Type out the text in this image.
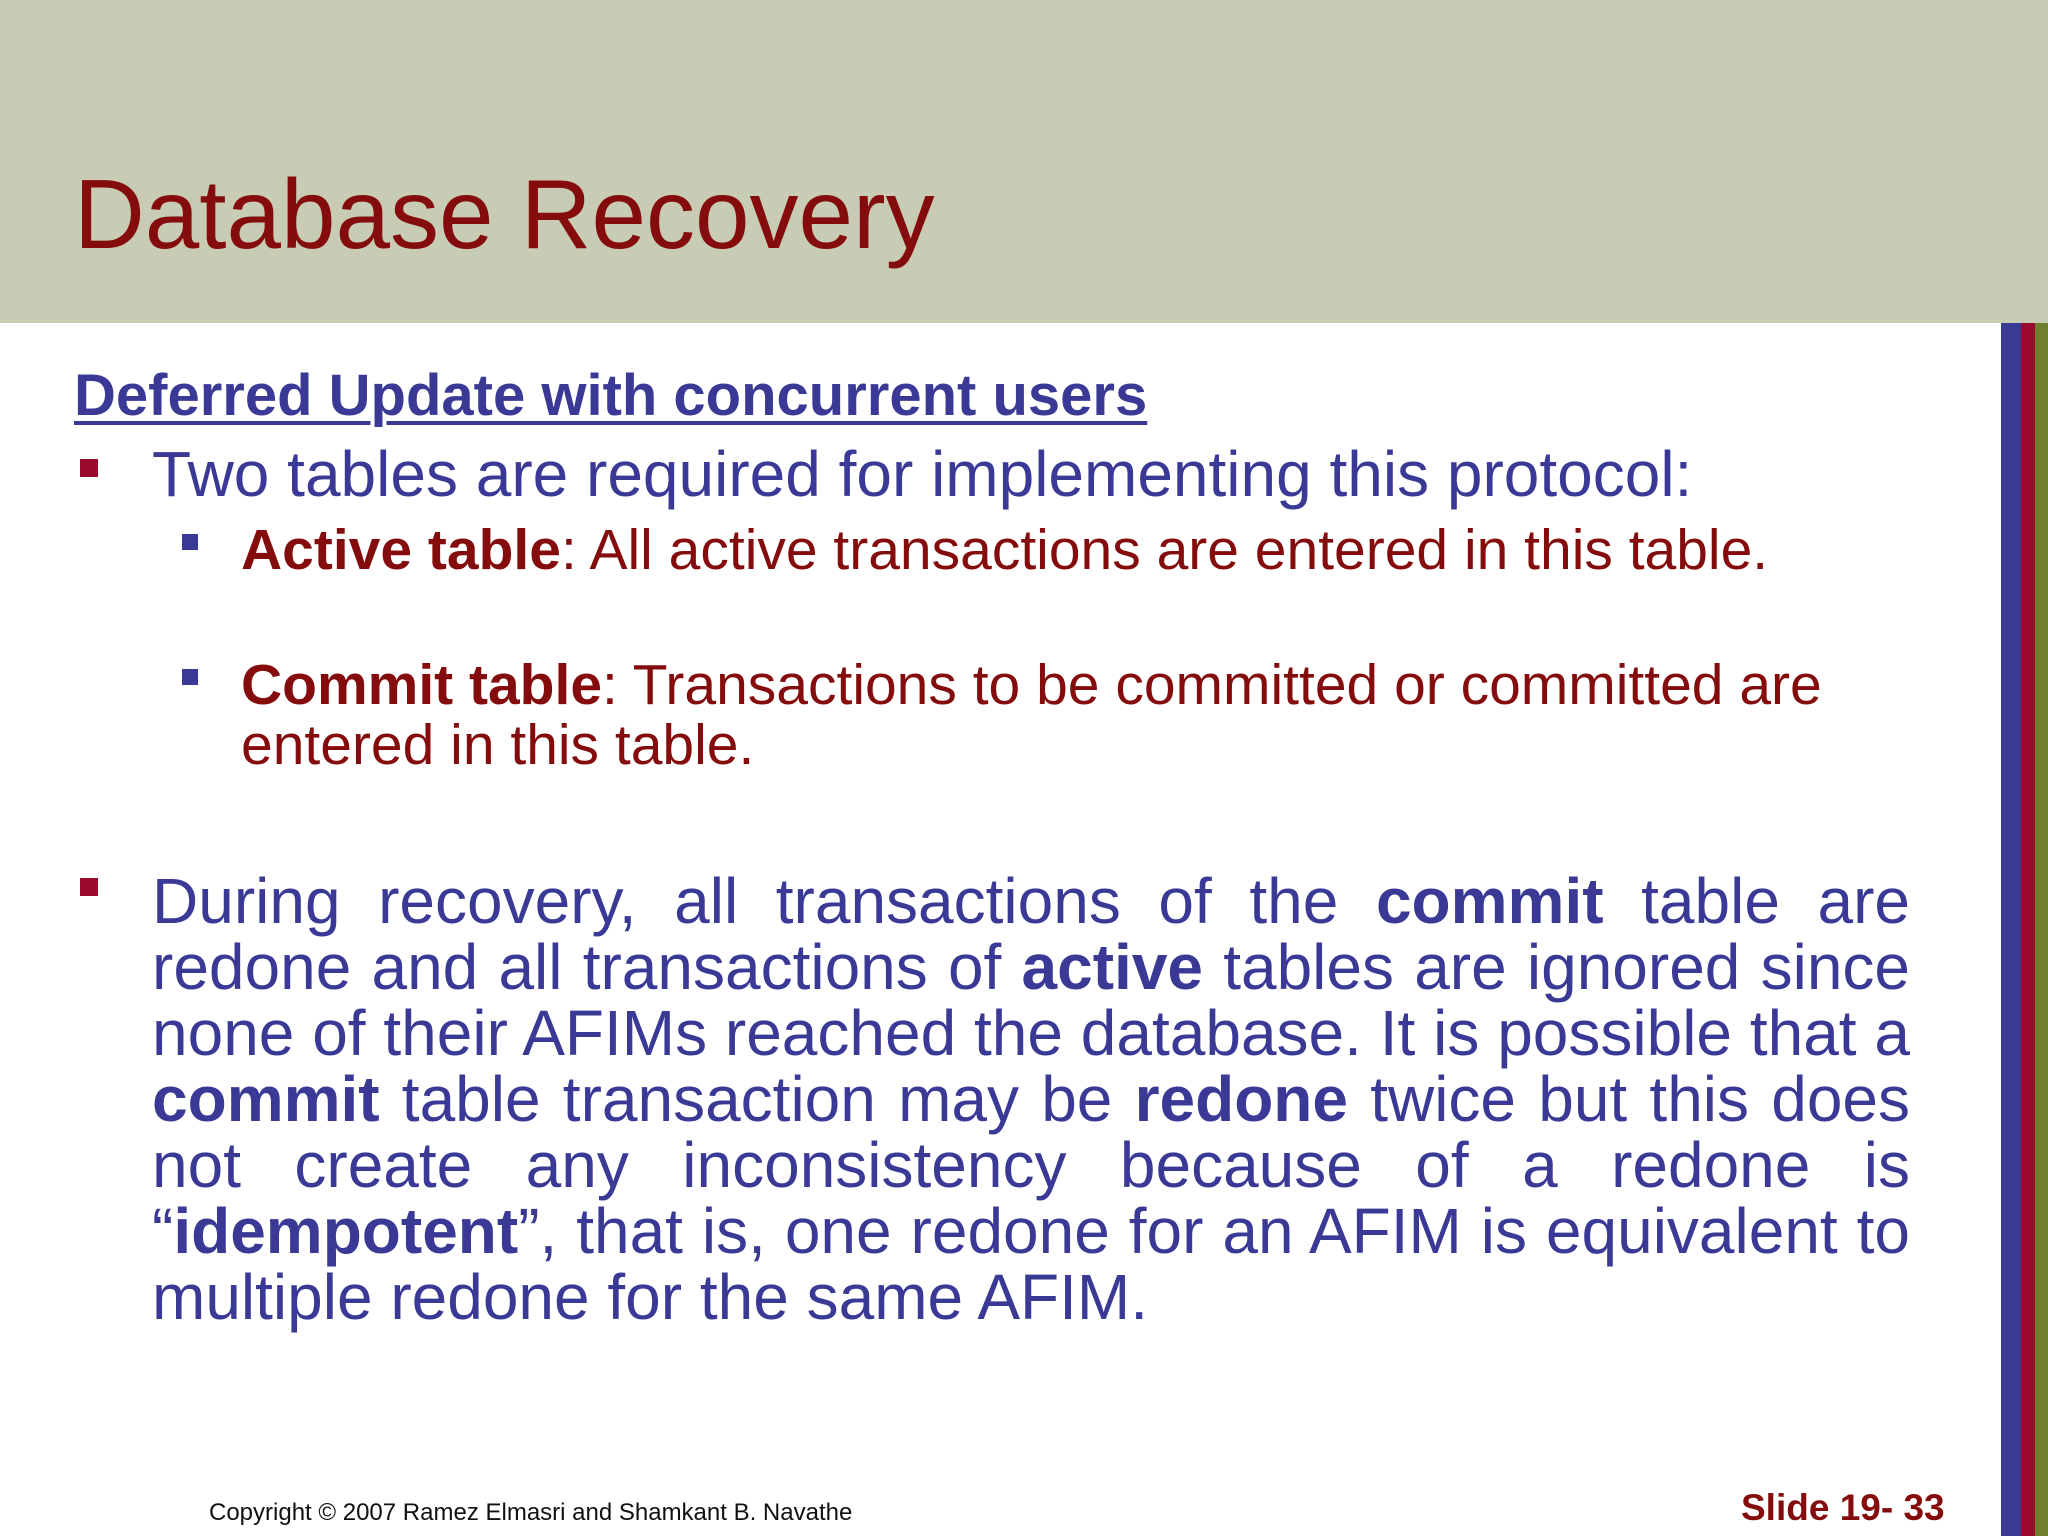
Database Recovery
Deferred Update with concurrent users
Two tables are required for implementing this protocol:
Active table: All active transactions are entered in this table.
Commit table: Transactions to be committed or committed are entered in this table.
During recovery, all transactions of the commit table are redone and all transactions of active tables are ignored since none of their AFIMs reached the database. It is possible that a commit table transaction may be redone twice but this does not create any inconsistency because of a redone is “idempotent”, that is, one redone for an AFIM is equivalent to multiple redone for the same AFIM.
Copyright © 2007 Ramez Elmasri and Shamkant B. Navathe	Slide 19- 33
